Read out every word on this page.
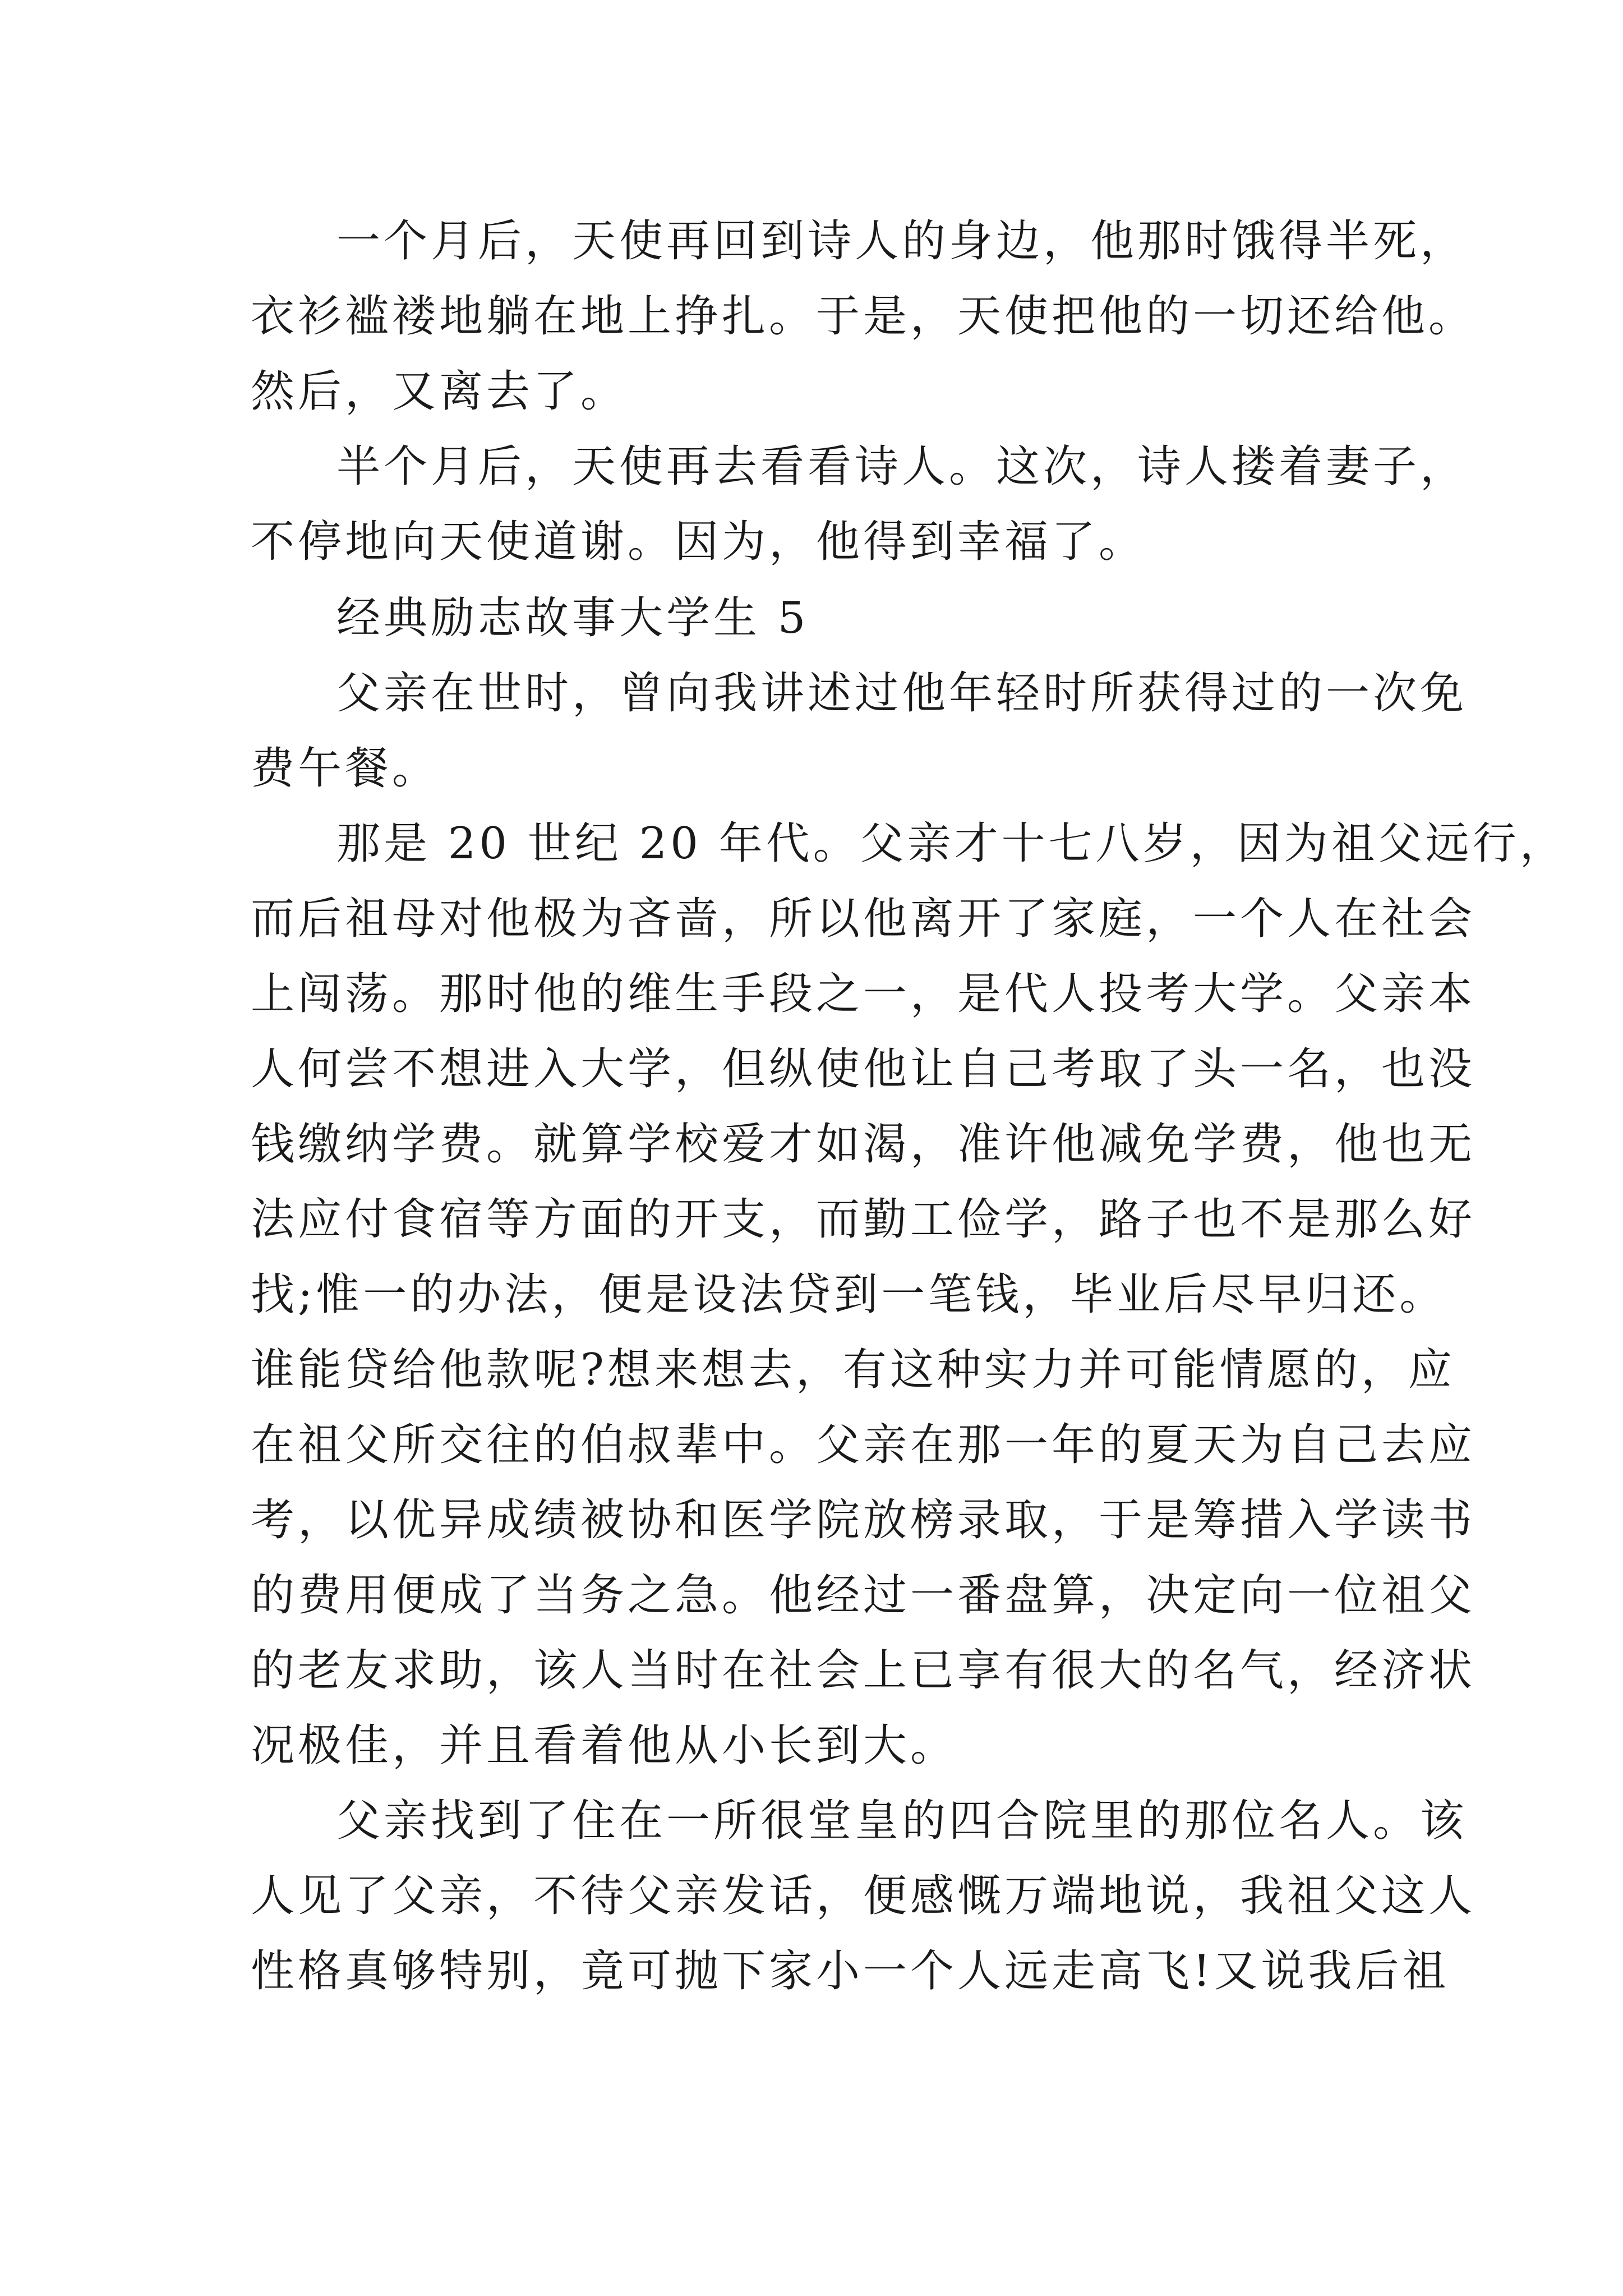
一个月后，天使再回到诗人的身边，他那时饿得半死，
衣衫褴褛地躺在地上挣扎。于是，天使把他的一切还给他。
然后，又离去了。
半个月后，天使再去看看诗人。这次，诗人搂着妻子，
不停地向天使道谢。因为，他得到幸福了。
经典励志故事大学生 5
父亲在世时，曾向我讲述过他年轻时所获得过的一次免
费午餐。
那是 20 世纪 20 年代。父亲才十七八岁，因为祖父远行，
而后祖母对他极为吝啬，所以他离开了家庭，一个人在社会
上闯荡。那时他的维生手段之一，是代人投考大学。父亲本
人何尝不想进入大学，但纵使他让自己考取了头一名，也没
钱缴纳学费。就算学校爱才如渴，准许他减免学费，他也无
法应付食宿等方面的开支，而勤工俭学，路子也不是那么好
找;惟一的办法，便是设法贷到一笔钱，毕业后尽早归还。
谁能贷给他款呢?想来想去，有这种实力并可能情愿的，应
在祖父所交往的伯叔辈中。父亲在那一年的夏天为自己去应
考，以优异成绩被协和医学院放榜录取，于是筹措入学读书
的费用便成了当务之急。他经过一番盘算，决定向一位祖父
的老友求助，该人当时在社会上已享有很大的名气，经济状
况极佳，并且看着他从小长到大。
父亲找到了住在一所很堂皇的四合院里的那位名人。该
人见了父亲，不待父亲发话，便感慨万端地说，我祖父这人
性格真够特别，竟可抛下家小一个人远走高飞!又说我后祖
